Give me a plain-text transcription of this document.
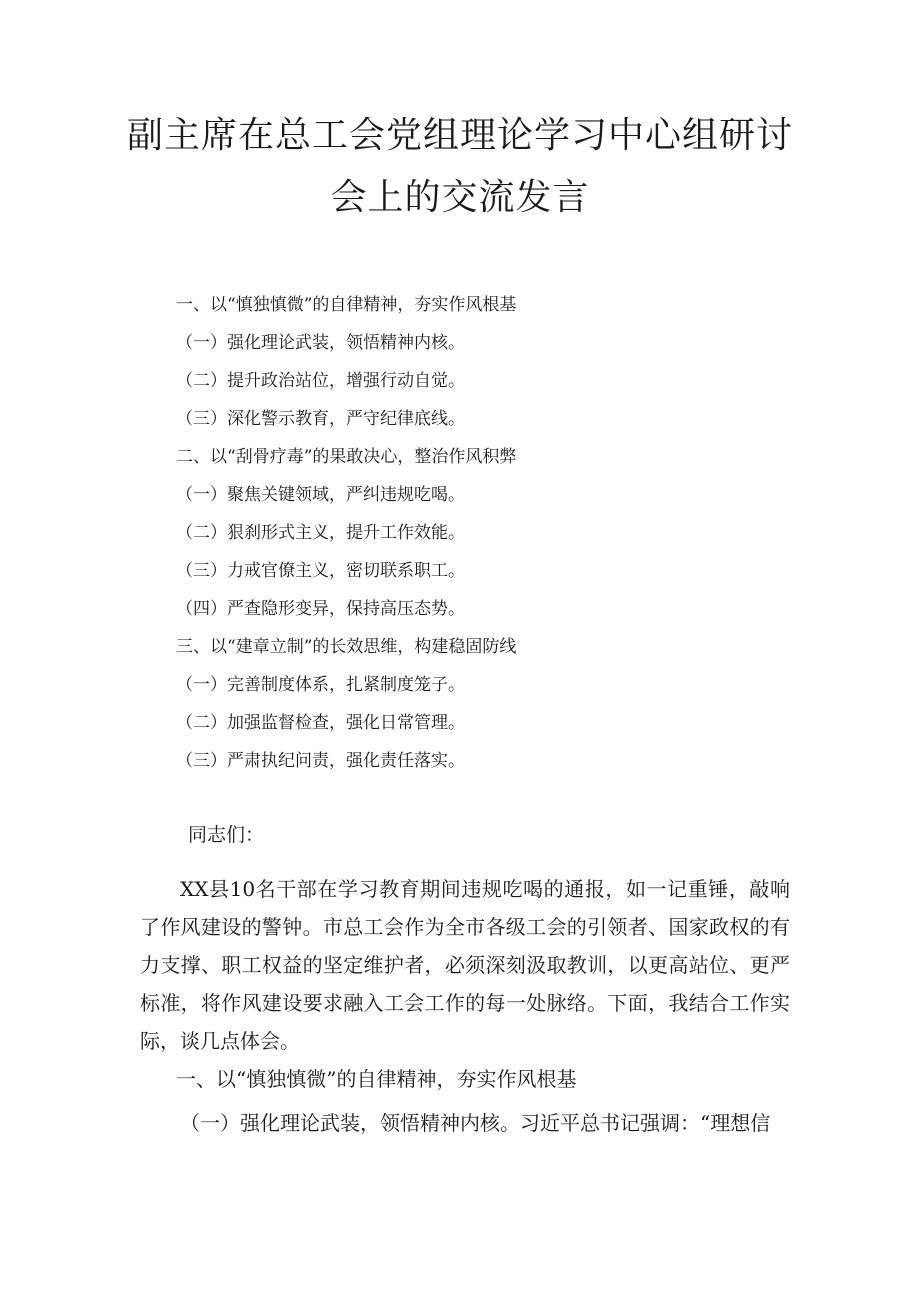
副主席在总工会党组理论学习中心组研讨
会上的交流发言
一、以“慎独慎微”的自律精神，夯实作风根基
（一）强化理论武装，领悟精神内核。
（二）提升政治站位，增强行动自觉。
（三）深化警示教育，严守纪律底线。
二、以“刮骨疗毒”的果敢决心，整治作风积弊
（一）聚焦关键领域，严纠违规吃喝。
（二）狠刹形式主义，提升工作效能。
（三）力戒官僚主义，密切联系职工。
（四）严查隐形变异，保持高压态势。
三、以“建章立制”的长效思维，构建稳固防线
（一）完善制度体系，扎紧制度笼子。
（二）加强监督检查，强化日常管理。
（三）严肃执纪问责，强化责任落实。
同志们：

XX县10名干部在学习教育期间违规吃喝的通报，如一记重锤，敲响了作风建设的警钟。市总工会作为全市各级工会的引领者、国家政权的有力支撑、职工权益的坚定维护者，必须深刻汲取教训，以更高站位、更严标准，将作风建设要求融入工会工作的每一处脉络。下面，我结合工作实际，谈几点体会。

一、以“慎独慎微”的自律精神，夯实作风根基
（一）强化理论武装，领悟精神内核。习近平总书记强调：“理想信
